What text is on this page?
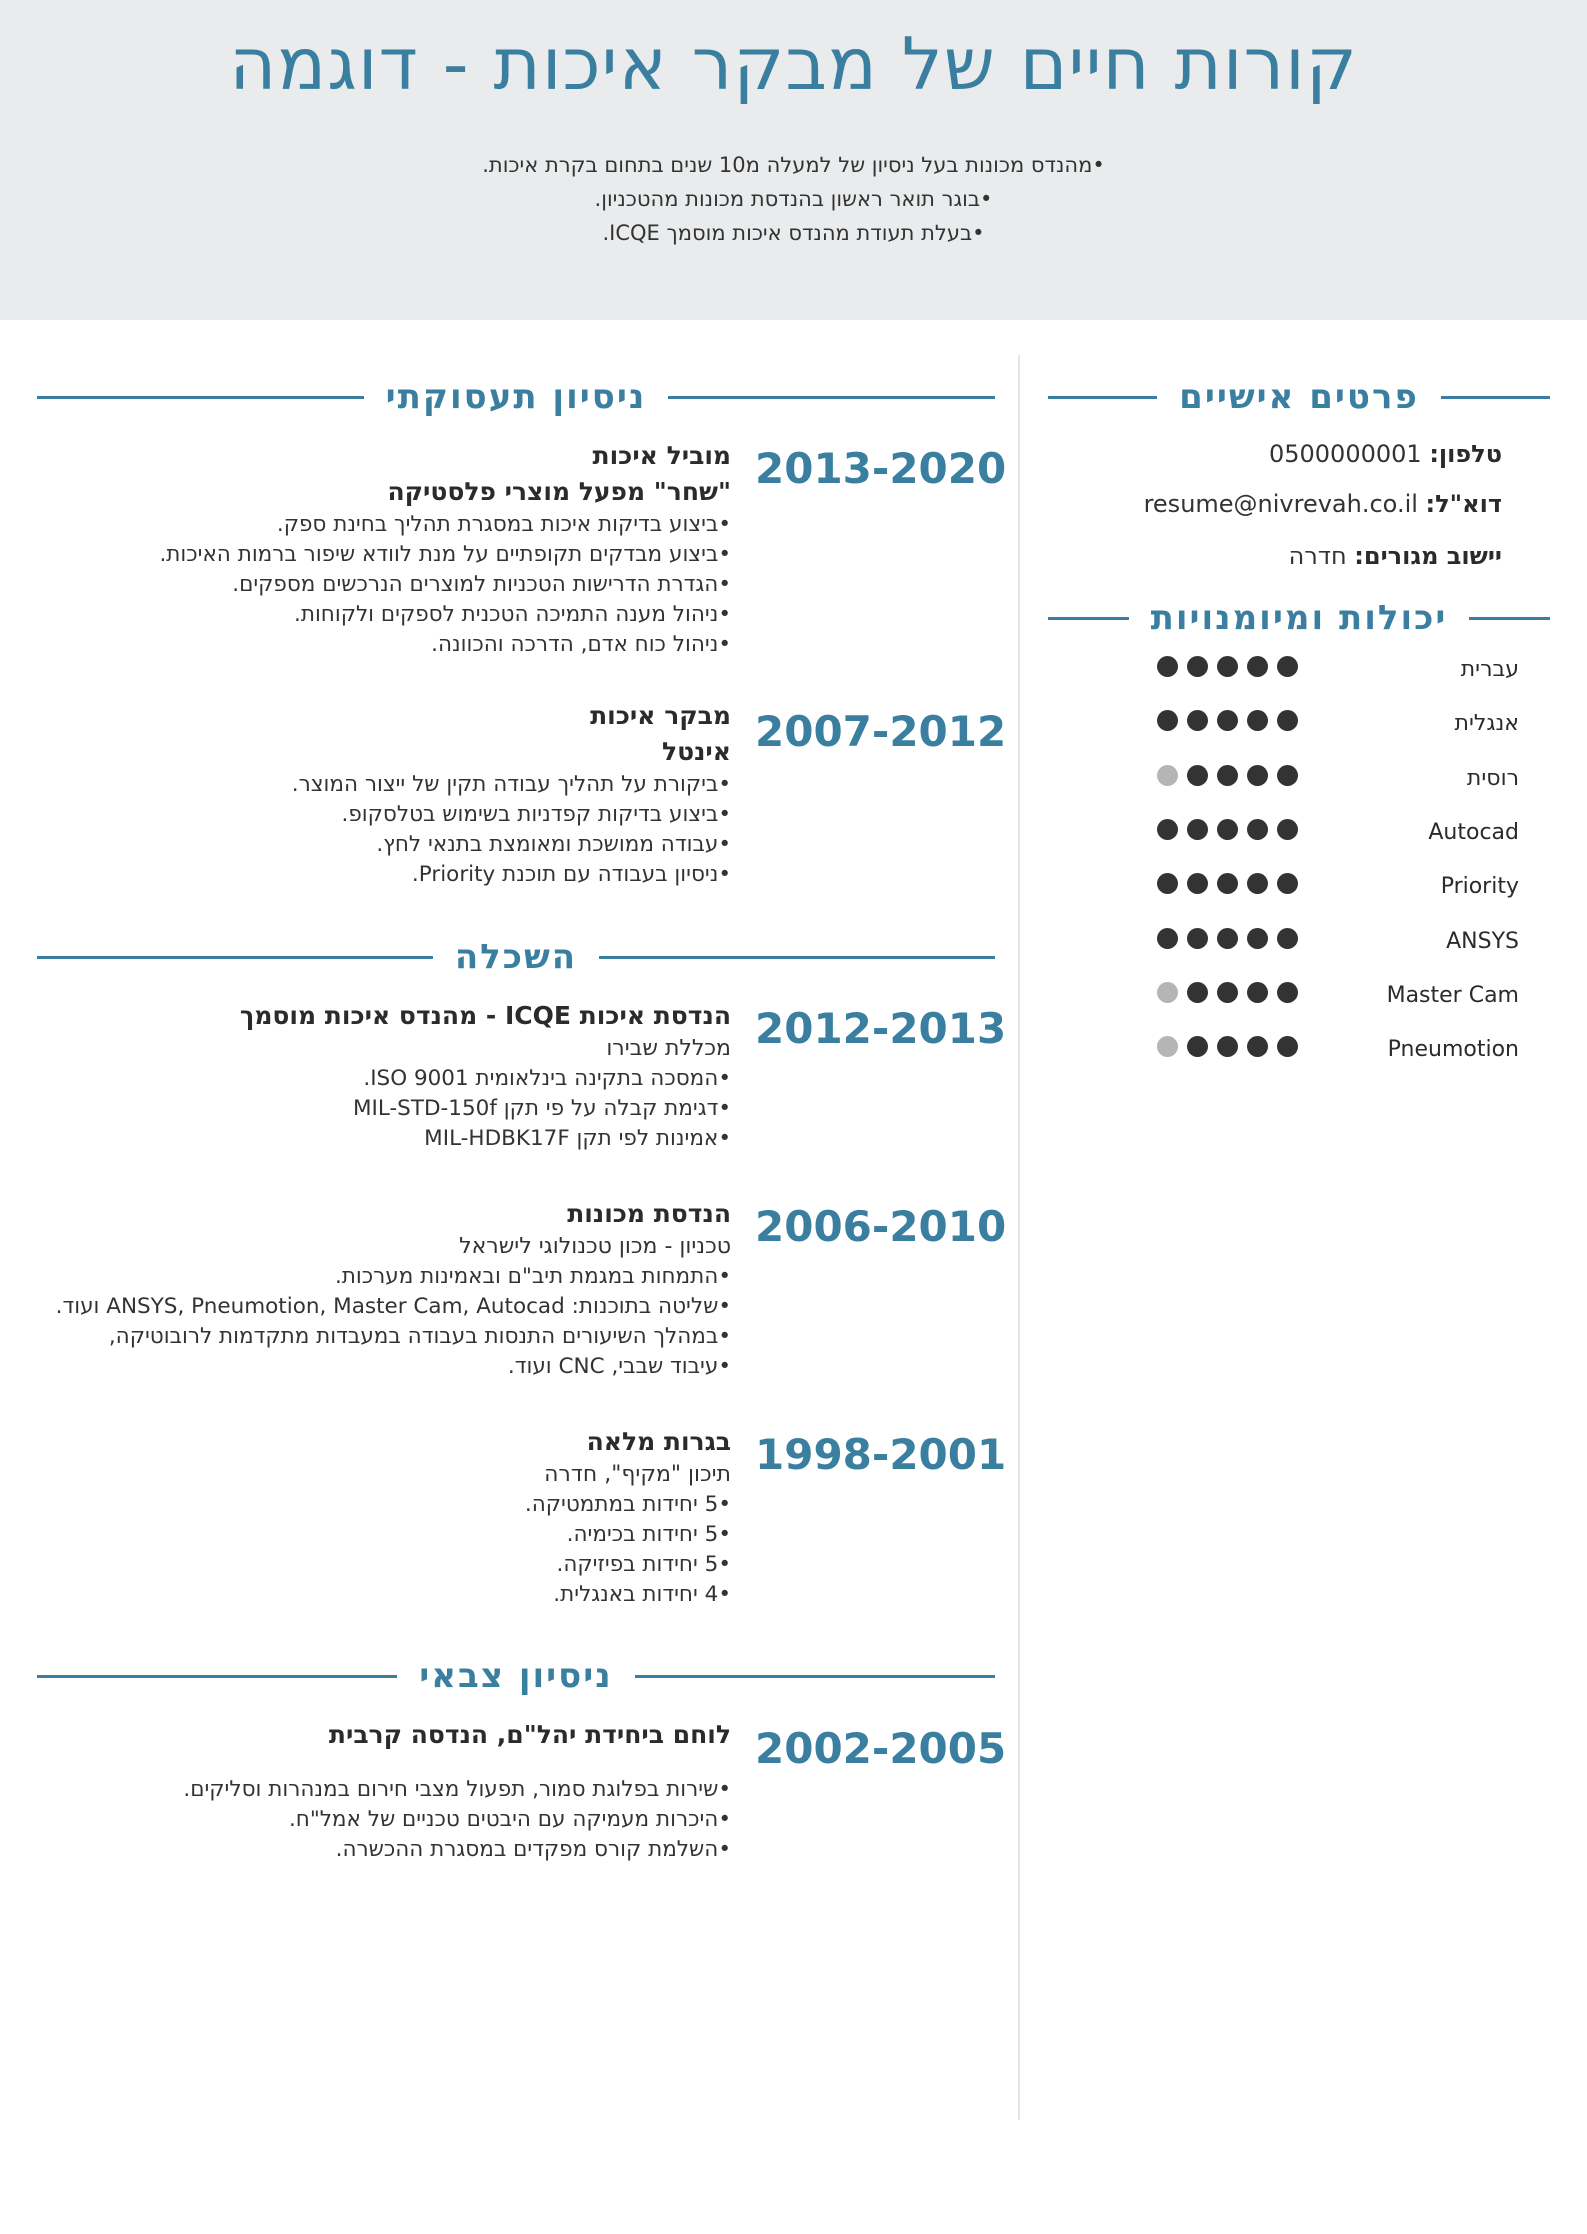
קורות חיים של מבקר איכות - דוגמה
•מהנדס מכונות בעל ניסיון של למעלה מ10 שנים בתחום בקרת איכות.
•בוגר תואר ראשון בהנדסת מכונות מהטכניון.
•בעלת תעודת מהנדס איכות מוסמך ICQE.
ניסיון תעסוקתי
2013-2020
מוביל איכות
"שחר" מפעל מוצרי פלסטיקה
• ביצוע בדיקות איכות במסגרת תהליך בחינת ספק.
• ביצוע מבדקים תקופתיים על מנת לוודא שיפור ברמות האיכות.
• הגדרת הדרישות הטכניות למוצרים הנרכשים מספקים.
• ניהול מענה התמיכה הטכנית לספקים ולקוחות.
• ניהול כוח אדם, הדרכה והכוונה.
2007-2012
מבקר איכות
אינטל
• ביקורת על תהליך עבודה תקין של ייצור המוצר.
• ביצוע בדיקות קפדניות בשימוש בטלסקופ.
• עבודה ממושכת ומאומצת בתנאי לחץ.
• ניסיון בעבודה עם תוכנת Priority.
השכלה
2012-2013
הנדסת איכות ICQE - מהנדס איכות מוסמך
מכללת שבירו
• המסכה בתקינה בינלאומית ISO 9001.
• דגימת קבלה על פי תקן MIL-STD-150f
• אמינות לפי תקן MIL-HDBK17F
2006-2010
הנדסת מכונות
טכניון - מכון טכנולוגי לישראל
• התמחות במגמת תיב"ם ובאמינות מערכות.
• שליטה בתוכנות: ANSYS, Pneumotion, Master Cam, Autocad ועוד.
• במהלך השיעורים התנסות בעבודה במעבדות מתקדמות לרובוטיקה,
• עיבוד שבבי, CNC ועוד.
1998-2001
בגרות מלאה
תיכון "מקיף", חדרה
• 5 יחידות במתמטיקה.
• 5 יחידות בכימיה.
• 5 יחידות בפיזיקה.
• 4 יחידות באנגלית.
ניסיון צבאי
2002-2005
לוחם ביחידת יהל"ם, הנדסה קרבית
• שירות בפלוגת סמור, תפעול מצבי חירום במנהרות וסליקים.
• היכרות מעמיקה עם היבטים טכניים של אמל"ח.
• השלמת קורס מפקדים במסגרת ההכשרה.
פרטים אישיים
טלפון: 0500000001
דוא"ל: resume@nivrevah.co.il
יישוב מגורים: חדרה
יכולות ומיומנויות
עברית
אנגלית
רוסית
Autocad
Priority
ANSYS
Master Cam
Pneumotion
